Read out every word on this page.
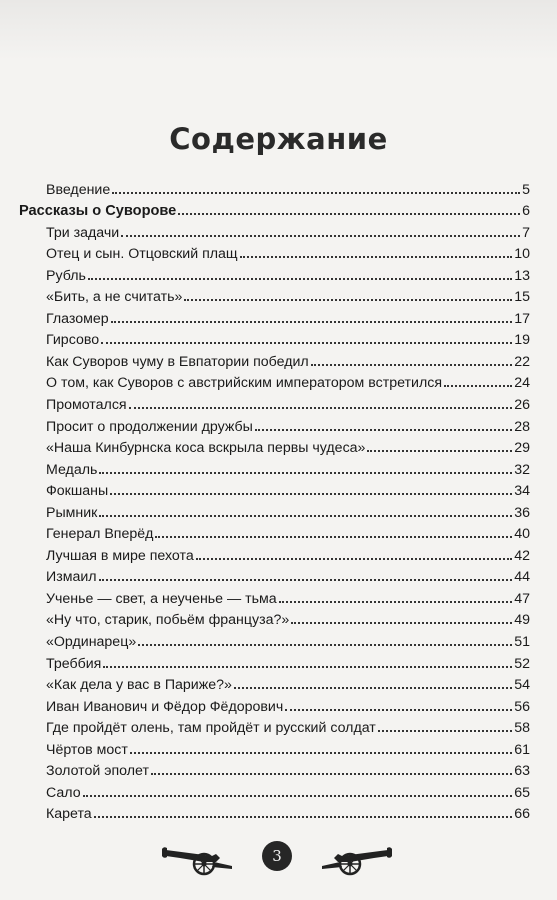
Содержание
Введение	5
Рассказы о Суворове	6
Три задачи	7
Отец и сын. Отцовский плащ	10
Рубль	13
«Бить, а не считать»	15
Глазомер	17
Гирсово	19
Как Суворов чуму в Евпатории победил	22
О том, как Суворов с австрийским императором встретился	24
Промотался	26
Просит о продолжении дружбы	28
«Наша Кинбурнска коса вскрыла первы чудеса»	29
Медаль	32
Фокшаны	34
Рымник	36
Генерал Вперёд	40
Лучшая в мире пехота	42
Измаил	44
Ученье — свет, а неученье — тьма	47
«Ну что, старик, побьём француза?»	49
«Ординарец»	51
Треббия	52
«Как дела у вас в Париже?»	54
Иван Иванович и Фёдор Фёдорович	56
Где пройдёт олень, там пройдёт и русский солдат	58
Чёртов мост	61
Золотой эполет	63
Сало	65
Карета	66
3
